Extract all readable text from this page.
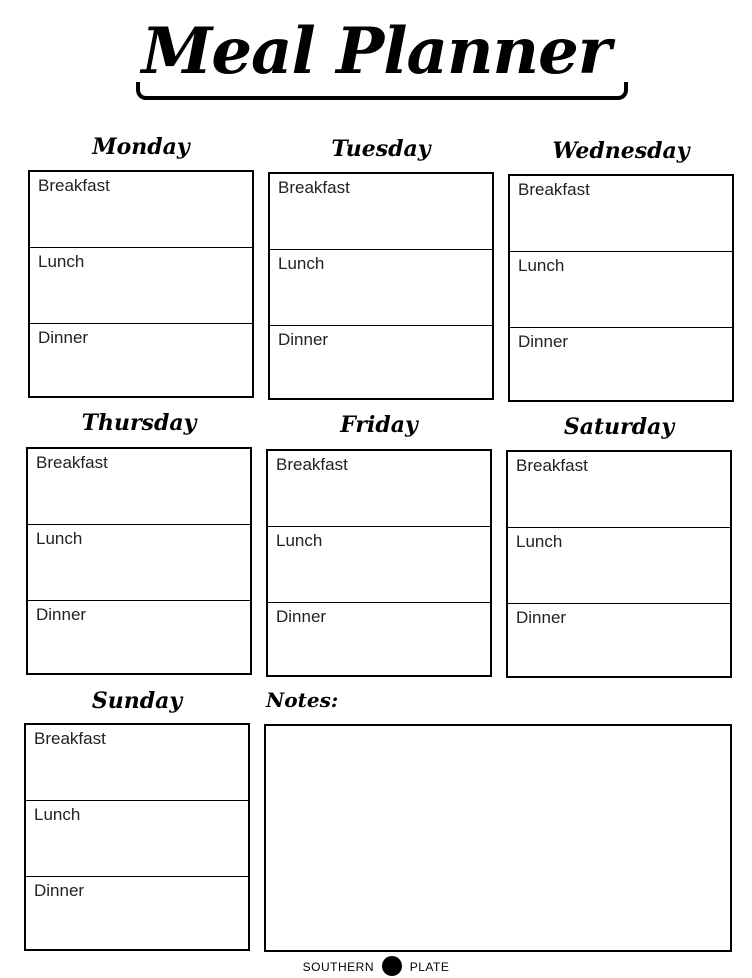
Meal Planner
Monday
Breakfast
Lunch
Dinner
Tuesday
Breakfast
Lunch
Dinner
Wednesday
Breakfast
Lunch
Dinner
Thursday
Breakfast
Lunch
Dinner
Friday
Breakfast
Lunch
Dinner
Saturday
Breakfast
Lunch
Dinner
Sunday
Breakfast
Lunch
Dinner
Notes:
SOUTHERN	PLATE
